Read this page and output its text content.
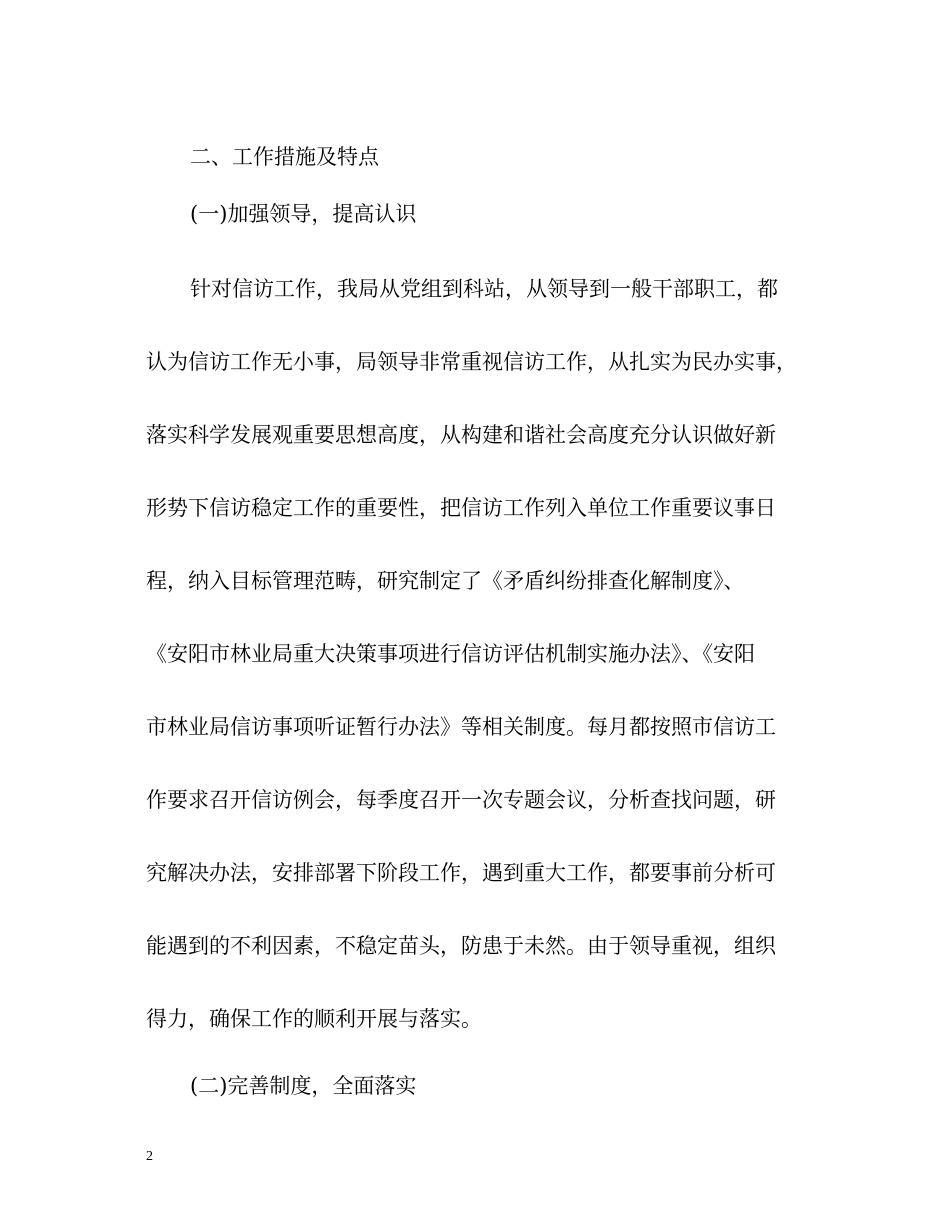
二、工作措施及特点
(一)加强领导，提高认识
针对信访工作，我局从党组到科站，从领导到一般干部职工，都
认为信访工作无小事，局领导非常重视信访工作，从扎实为民办实事，
落实科学发展观重要思想高度，从构建和谐社会高度充分认识做好新
形势下信访稳定工作的重要性，把信访工作列入单位工作重要议事日
程，纳入目标管理范畴，研究制定了《矛盾纠纷排查化解制度》、
《安阳市林业局重大决策事项进行信访评估机制实施办法》、《安阳
市林业局信访事项听证暂行办法》等相关制度。每月都按照市信访工
作要求召开信访例会，每季度召开一次专题会议，分析查找问题，研
究解决办法，安排部署下阶段工作，遇到重大工作，都要事前分析可
能遇到的不利因素，不稳定苗头，防患于未然。由于领导重视，组织
得力，确保工作的顺利开展与落实。
(二)完善制度，全面落实
2
